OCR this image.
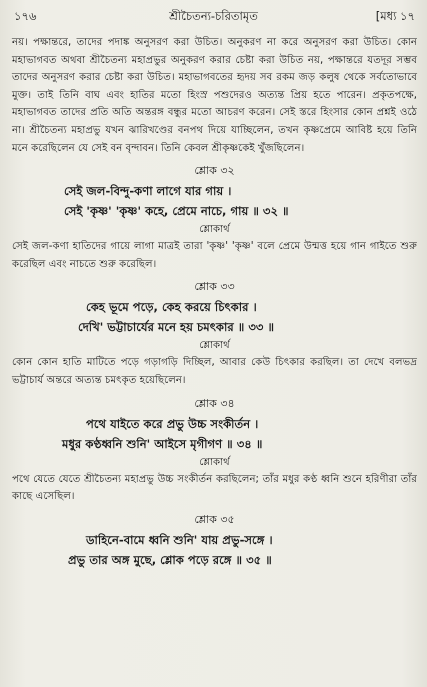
১৭৬	শ্রীচৈতন্য-চরিতামৃত	[মধ্য ১৭

নয়। পক্ষান্তরে, তাদের পদাঙ্ক অনুসরণ করা উচিত। অনুকরণ না করে অনুসরণ করা উচিত। কোন মহাভাগবত অথবা শ্রীচৈতন্য মহাপ্রভুর অনুকরণ করার চেষ্টা করা উচিত নয়, পক্ষান্তরে যতদূর সম্ভব তাদের অনুসরণ করার চেষ্টা করা উচিত। মহাভাগবতের হৃদয় সব রকম জড় কলুষ থেকে সর্বতোভাবে মুক্ত। তাই তিনি বাঘ এবং হাতির মতো হিংস্র পশুদেরও অত্যন্ত প্রিয় হতে পারেন। প্রকৃতপক্ষে, মহাভাগবত তাদের প্রতি অতি অন্তরঙ্গ বন্ধুর মতো আচরণ করেন। সেই স্তরে হিংসার কোন প্রশ্নই ওঠে না। শ্রীচৈতন্য মহাপ্রভু যখন ঝারিখণ্ডের বনপথ দিয়ে যাচ্ছিলেন, তখন কৃষ্ণপ্রেমে আবিষ্ট হয়ে তিনি মনে করেছিলেন যে সেই বন বৃন্দাবন। তিনি কেবল শ্রীকৃষ্ণকেই খুঁজছিলেন।

শ্লোক ৩২
সেই জল-বিন্দু-কণা লাগে যার গায় ।
সেই 'কৃষ্ণ' 'কৃষ্ণ' কহে, প্রেমে নাচে, গায় ॥ ৩২ ॥
শ্লোকার্থ

সেই জল-কণা হাতিদের গায়ে লাগা মাত্রই তারা 'কৃষ্ণ' 'কৃষ্ণ' বলে প্রেমে উন্মত্ত হয়ে গান গাইতে শুরু করেছিল এবং নাচতে শুরু করেছিল।

শ্লোক ৩৩
কেহ ভূমে পড়ে, কেহ করয়ে চিৎকার ।
দেখি' ভট্টাচার্যের মনে হয় চমৎকার ॥ ৩৩ ॥
শ্লোকার্থ

কোন কোন হাতি মাটিতে পড়ে গড়াগড়ি দিচ্ছিল, আবার কেউ চিৎকার করছিল। তা দেখে বলভদ্র ভট্টাচার্য অন্তরে অত্যন্ত চমৎকৃত হয়েছিলেন।

শ্লোক ৩৪
পথে যাইতে করে প্রভু উচ্চ সংকীর্তন ।
মধুর কণ্ঠধ্বনি শুনি' আইসে মৃগীগণ ॥ ৩৪ ॥
শ্লোকার্থ

পথে যেতে যেতে শ্রীচৈতন্য মহাপ্রভু উচ্চ সংকীর্তন করছিলেন; তাঁর মধুর কণ্ঠ ধ্বনি শুনে হরিণীরা তাঁর কাছে এসেছিল।

শ্লোক ৩৫
ডাহিনে-বামে ধ্বনি শুনি' যায় প্রভু-সঙ্গে ।
প্রভু তার অঙ্গ মুছে, শ্লোক পড়ে রঙ্গে ॥ ৩৫ ॥
